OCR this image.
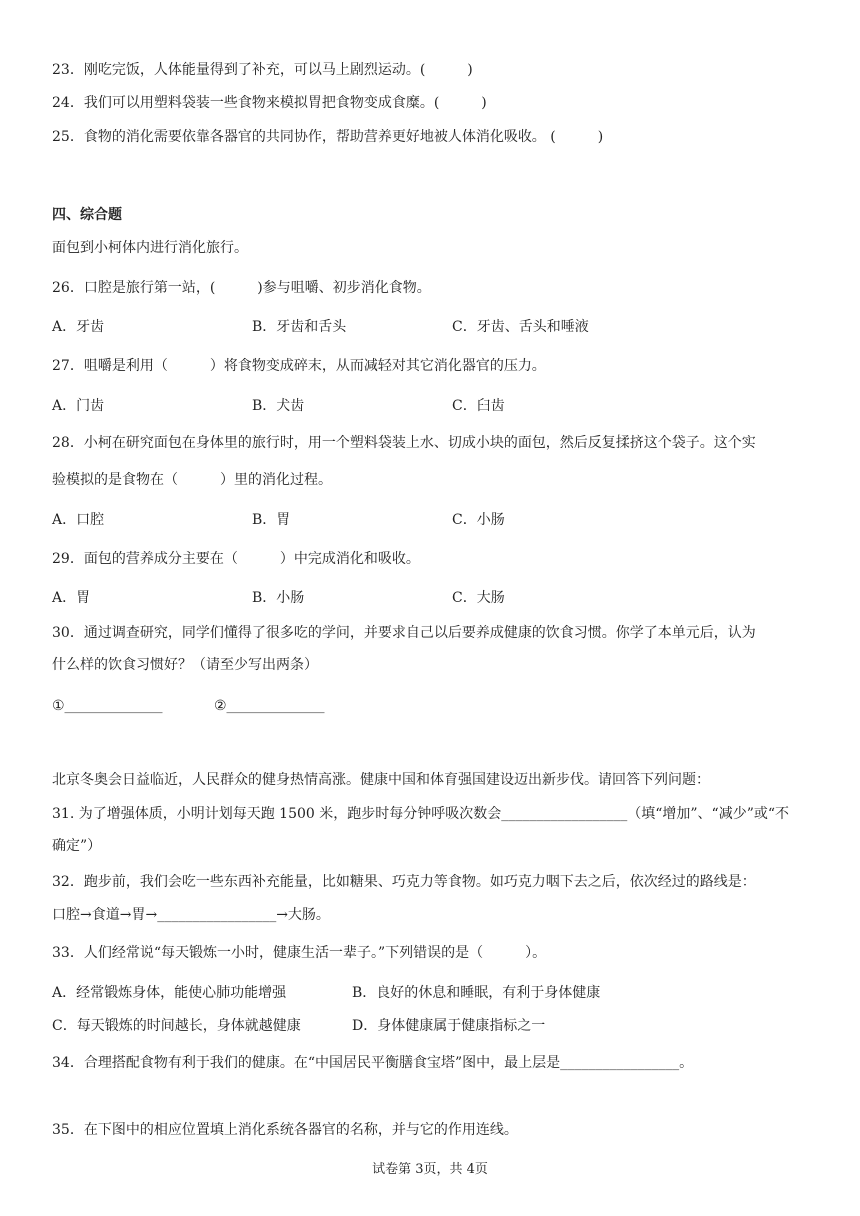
23．刚吃完饭，人体能量得到了补充，可以马上剧烈运动。(　　　)
24．我们可以用塑料袋装一些食物来模拟胃把食物变成食糜。(　　　)
25．食物的消化需要依靠各器官的共同协作，帮助营养更好地被人体消化吸收。 (　　　)
四、综合题
面包到小柯体内进行消化旅行。
26．口腔是旅行第一站，(　　　)参与咀嚼、初步消化食物。
A．牙齿	B．牙齿和舌头	C．牙齿、舌头和唾液
27．咀嚼是利用（　　　）将食物变成碎末，从而减轻对其它消化器官的压力。
A．门齿	B．犬齿	C．臼齿
28．小柯在研究面包在身体里的旅行时，用一个塑料袋装上水、切成小块的面包，然后反复揉挤这个袋子。这个实
验模拟的是食物在（　　　）里的消化过程。
A．口腔	B．胃	C．小肠
29．面包的营养成分主要在（　　　）中完成消化和吸收。
A．胃	B．小肠	C．大肠
30．通过调查研究，同学们懂得了很多吃的学问，并要求自己以后要养成健康的饮食习惯。你学了本单元后，认为
什么样的饮食习惯好？（请至少写出两条）
①______________	②______________
北京冬奥会日益临近，人民群众的健身热情高涨。健康中国和体育强国建设迈出新步伐。请回答下列问题：
31. 为了增强体质，小明计划每天跑 1500 米，跑步时每分钟呼吸次数会__________________（填“增加”、“减少”或“不
确定”）
32．跑步前，我们会吃一些东西补充能量，比如糖果、巧克力等食物。如巧克力咽下去之后，依次经过的路线是：
口腔→食道→胃→_________________→大肠。
33．人们经常说“每天锻炼一小时，健康生活一辈子。”下列错误的是（　　　）。
A．经常锻炼身体，能使心肺功能增强	B．良好的休息和睡眠，有利于身体健康
C．每天锻炼的时间越长，身体就越健康	D．身体健康属于健康指标之一
34．合理搭配食物有利于我们的健康。在“中国居民平衡膳食宝塔”图中，最上层是_________________。
35．在下图中的相应位置填上消化系统各器官的名称，并与它的作用连线。
试卷第 3页，共 4页
